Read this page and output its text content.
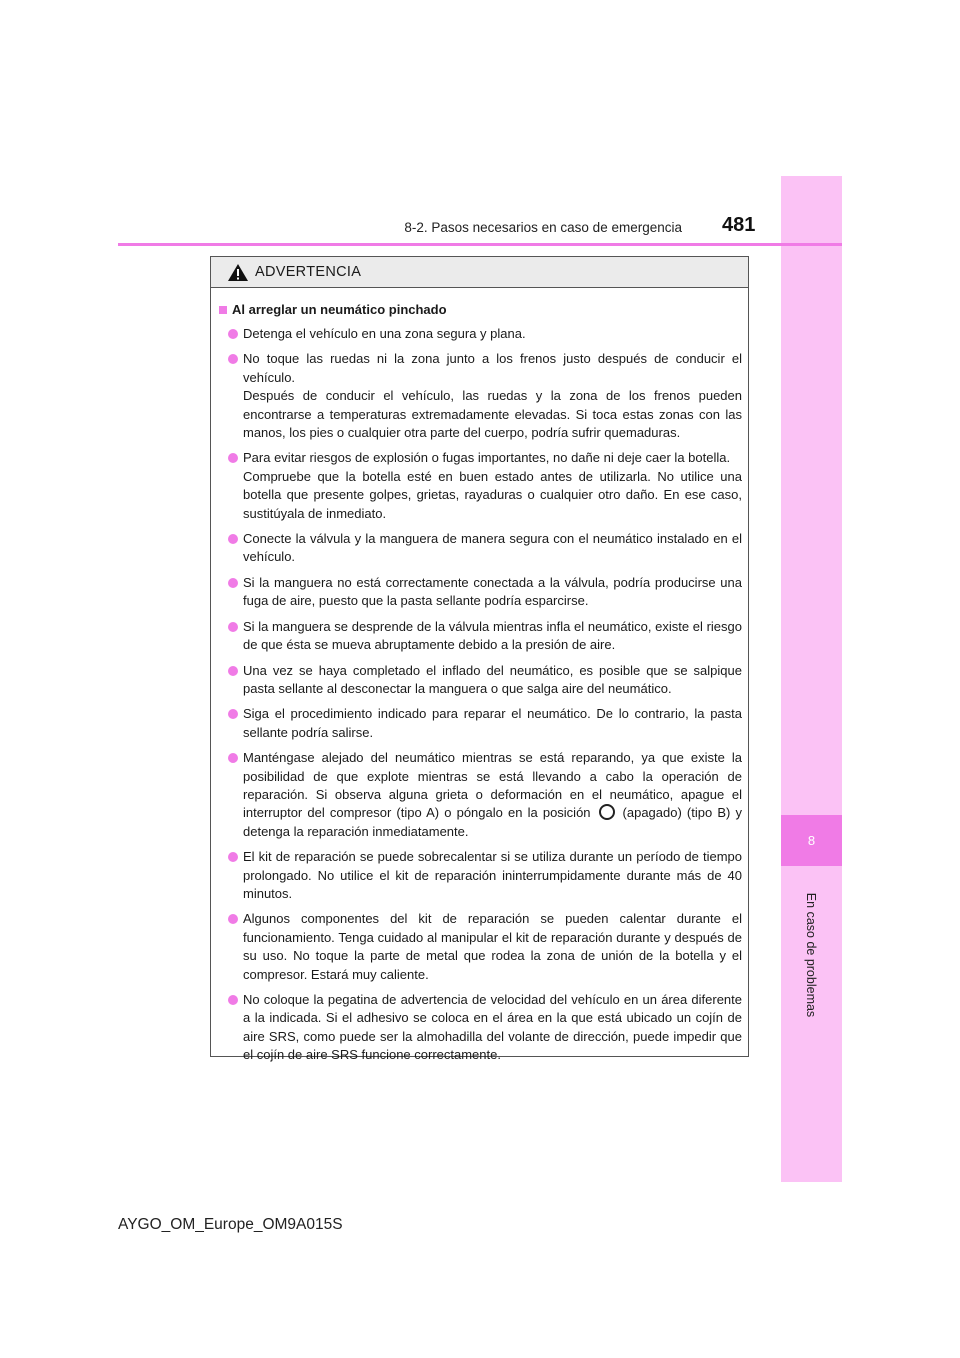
8
En caso de problemas
8-2. Pasos necesarios en caso de emergencia 481
ADVERTENCIA
Al arreglar un neumático pinchado
Detenga el vehículo en una zona segura y plana.
No toque las ruedas ni la zona junto a los frenos justo después de conducir el vehículo.
Después de conducir el vehículo, las ruedas y la zona de los frenos pueden encontrarse a temperaturas extremadamente elevadas. Si toca estas zonas con las manos, los pies o cualquier otra parte del cuerpo, podría sufrir quemaduras.
Para evitar riesgos de explosión o fugas importantes, no dañe ni deje caer la botella.
Compruebe que la botella esté en buen estado antes de utilizarla. No utilice una botella que presente golpes, grietas, rayaduras o cualquier otro daño. En ese caso, sustitúyala de inmediato.
Conecte la válvula y la manguera de manera segura con el neumático instalado en el vehículo.
Si la manguera no está correctamente conectada a la válvula, podría producirse una fuga de aire, puesto que la pasta sellante podría esparcirse.
Si la manguera se desprende de la válvula mientras infla el neumático, existe el riesgo de que ésta se mueva abruptamente debido a la presión de aire.
Una vez se haya completado el inflado del neumático, es posible que se salpique pasta sellante al desconectar la manguera o que salga aire del neumático.
Siga el procedimiento indicado para reparar el neumático. De lo contrario, la pasta sellante podría salirse.
Manténgase alejado del neumático mientras se está reparando, ya que existe la posibilidad de que explote mientras se está llevando a cabo la operación de reparación. Si observa alguna grieta o deformación en el neumático, apague el interruptor del compresor (tipo A) o póngalo en la posición (apagado) (tipo B) y detenga la reparación inmediatamente.
El kit de reparación se puede sobrecalentar si se utiliza durante un período de tiempo prolongado. No utilice el kit de reparación ininterrumpidamente durante más de 40 minutos.
Algunos componentes del kit de reparación se pueden calentar durante el funcionamiento. Tenga cuidado al manipular el kit de reparación durante y después de su uso. No toque la parte de metal que rodea la zona de unión de la botella y el compresor. Estará muy caliente.
No coloque la pegatina de advertencia de velocidad del vehículo en un área diferente a la indicada. Si el adhesivo se coloca en el área en la que está ubicado un cojín de aire SRS, como puede ser la almohadilla del volante de dirección, puede impedir que el cojín de aire SRS funcione correctamente.
AYGO_OM_Europe_OM9A015S
